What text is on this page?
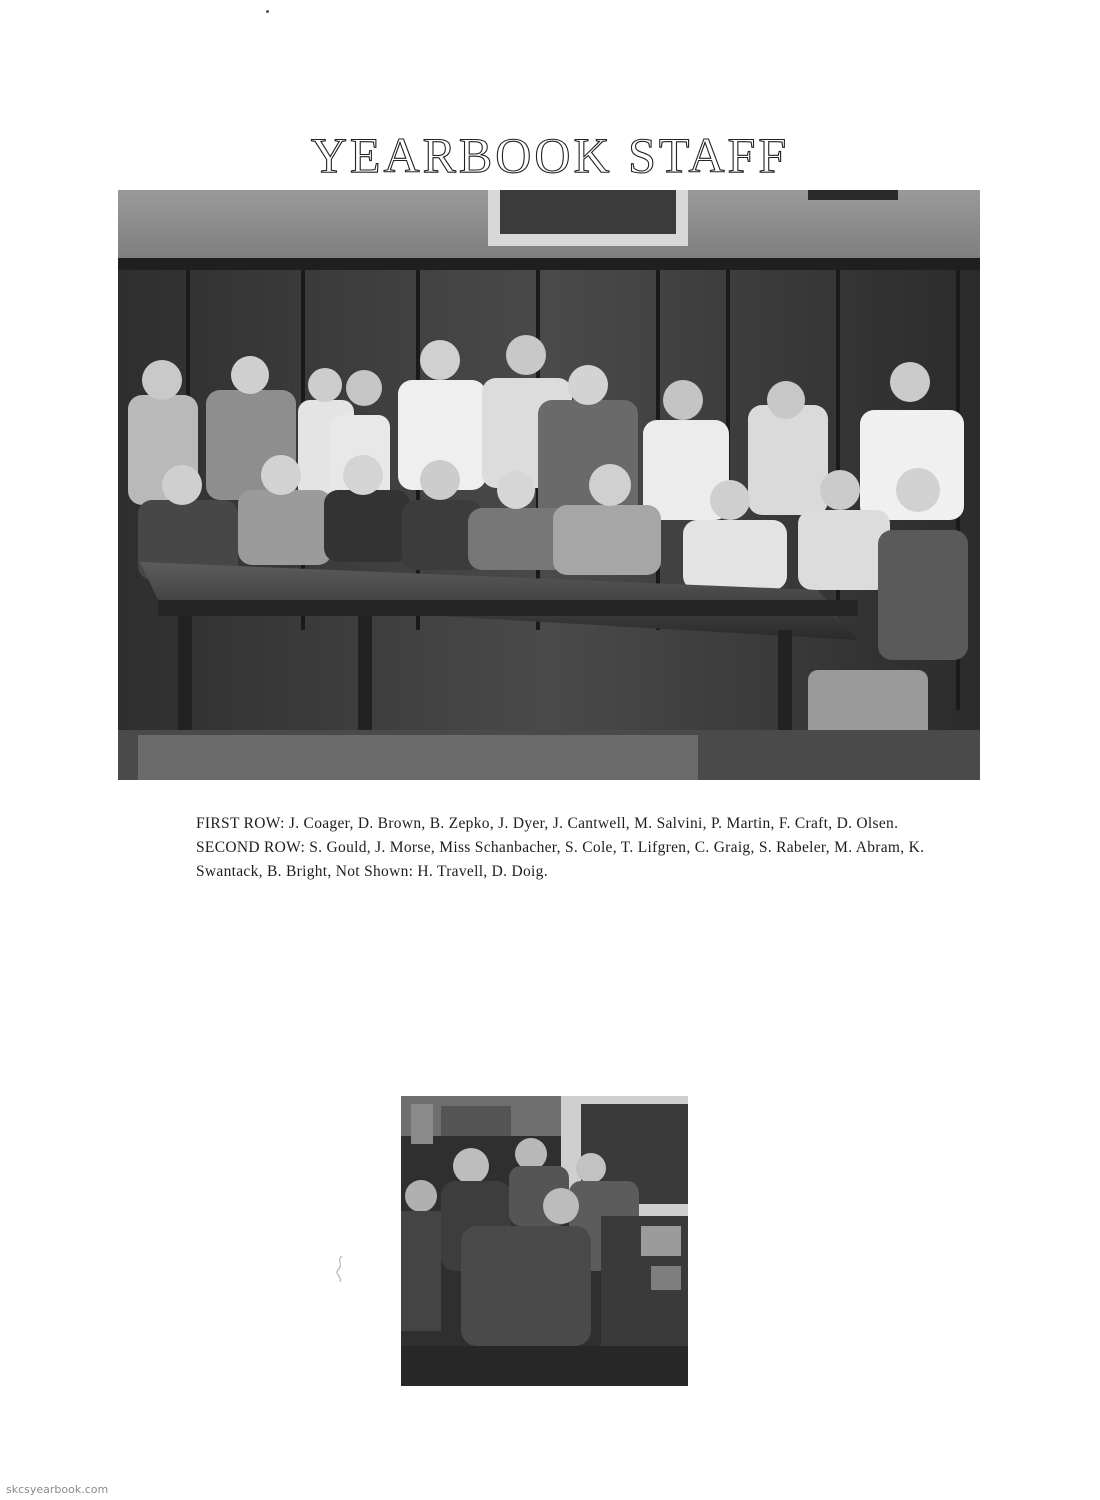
YEARBOOK STAFF

FIRST ROW: J. Coager, D. Brown, B. Zepko, J. Dyer, J. Cantwell, M. Salvini, P. Martin, F. Craft, D. Olsen. SECOND ROW: S. Gould, J. Morse, Miss Schanbacher, S. Cole, T. Lifgren, C. Graig, S. Rabeler, M. Abram, K. Swantack, B. Bright, Not Shown: H. Travell, D. Doig.

skcsyearbook.com
